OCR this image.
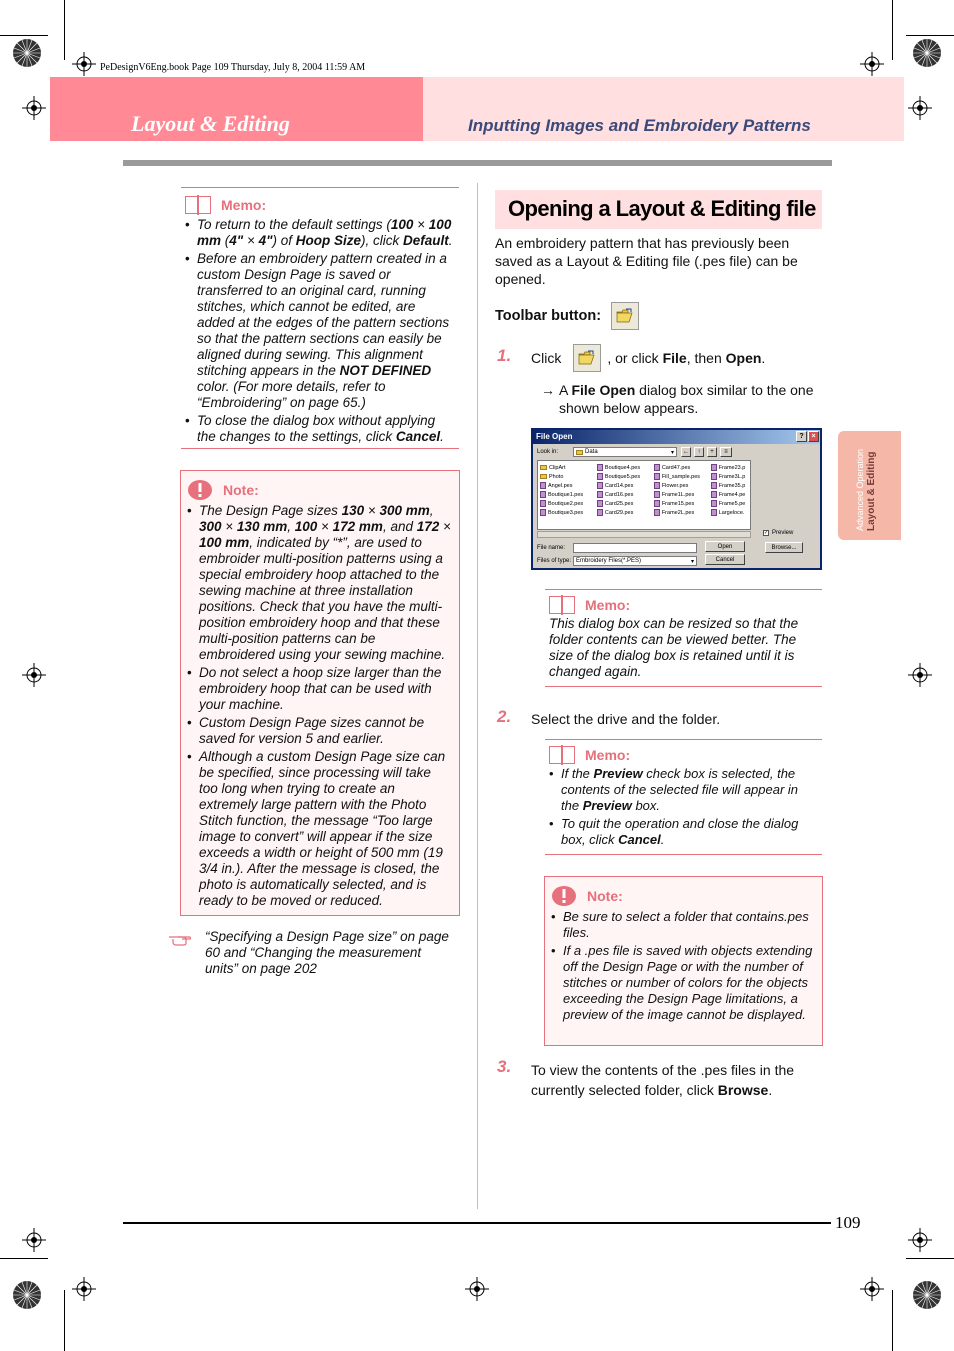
PeDesignV6Eng.book Page 109 Thursday, July 8, 2004 11:59 AM
Layout & Editing	Inputting Images and Embroidery Patterns
Memo:
• To return to the default settings (100 × 100 mm (4" × 4") of Hoop Size), click Default.
• Before an embroidery pattern created in a custom Design Page is saved or transferred to an original card, running stitches, which cannot be edited, are added at the edges of the pattern sections so that the pattern sections can easily be aligned during sewing. This alignment stitching appears in the NOT DEFINED color. (For more details, refer to “Embroidering” on page 65.)
• To close the dialog box without applying the changes to the settings, click Cancel.
Note:
• The Design Page sizes 130 × 300 mm, 300 × 130 mm, 100 × 172 mm, and 172 × 100 mm, indicated by “*”, are used to embroider multi-position patterns using a special embroidery hoop attached to the sewing machine at three installation positions. Check that you have the multi-position embroidery hoop and that these multi-position patterns can be embroidered using your sewing machine.
• Do not select a hoop size larger than the embroidery hoop that can be used with your machine.
• Custom Design Page sizes cannot be saved for version 5 and earlier.
• Although a custom Design Page size can be specified, since processing will take too long when trying to create an extremely large pattern with the Photo Stitch function, the message “Too large image to convert” will appear if the size exceeds a width or height of 500 mm (19 3/4 in.). After the message is closed, the photo is automatically selected, and is ready to be moved or reduced.
“Specifying a Design Page size” on page 60 and “Changing the measurement units” on page 202
Opening a Layout & Editing file
An embroidery pattern that has previously been saved as a Layout & Editing file (.pes file) can be opened.
Toolbar button:
1. Click	, or click File , then Open .
→ A File Open dialog box similar to the one shown below appears.
File Open	?	×
Look in:	Data	▾	←	↑	+	≡
ClipArt
Photo
Angel.pes
Boutique1.pes
Boutique2.pes
Boutique3.pes
Boutique4.pes
Boutique5.pes
Card14.pes
Card16.pes
Card25.pes
Card29.pes
Card47.pes
Fill_sample.pes
Flower.pes
Frame1L.pes
Frame15.pes
Frame2L.pes
Frame23.p
Frame3L.p
Frame35.p
Frame4.pe
Frame5.pe
Largeloce.
File name:
Files of type: Embroidery Files(*.PES)	▾
Open
Cancel
✓ Preview
Browse...
Memo:
This dialog box can be resized so that the folder contents can be viewed better. The size of the dialog box is retained until it is changed again.
2. Select the drive and the folder.
Memo:
• If the Preview check box is selected, the contents of the selected file will appear in the Preview box.
• To quit the operation and close the dialog box, click Cancel.
Note:
• Be sure to select a folder that contains.pes files.
• If a .pes file is saved with objects extending off the Design Page or with the number of stitches or number of colors for the objects exceeding the Design Page limitations, a preview of the image cannot be displayed.
3. To view the contents of the .pes files in the currently selected folder, click Browse.
Advanced Operation Layout & Editing
109
